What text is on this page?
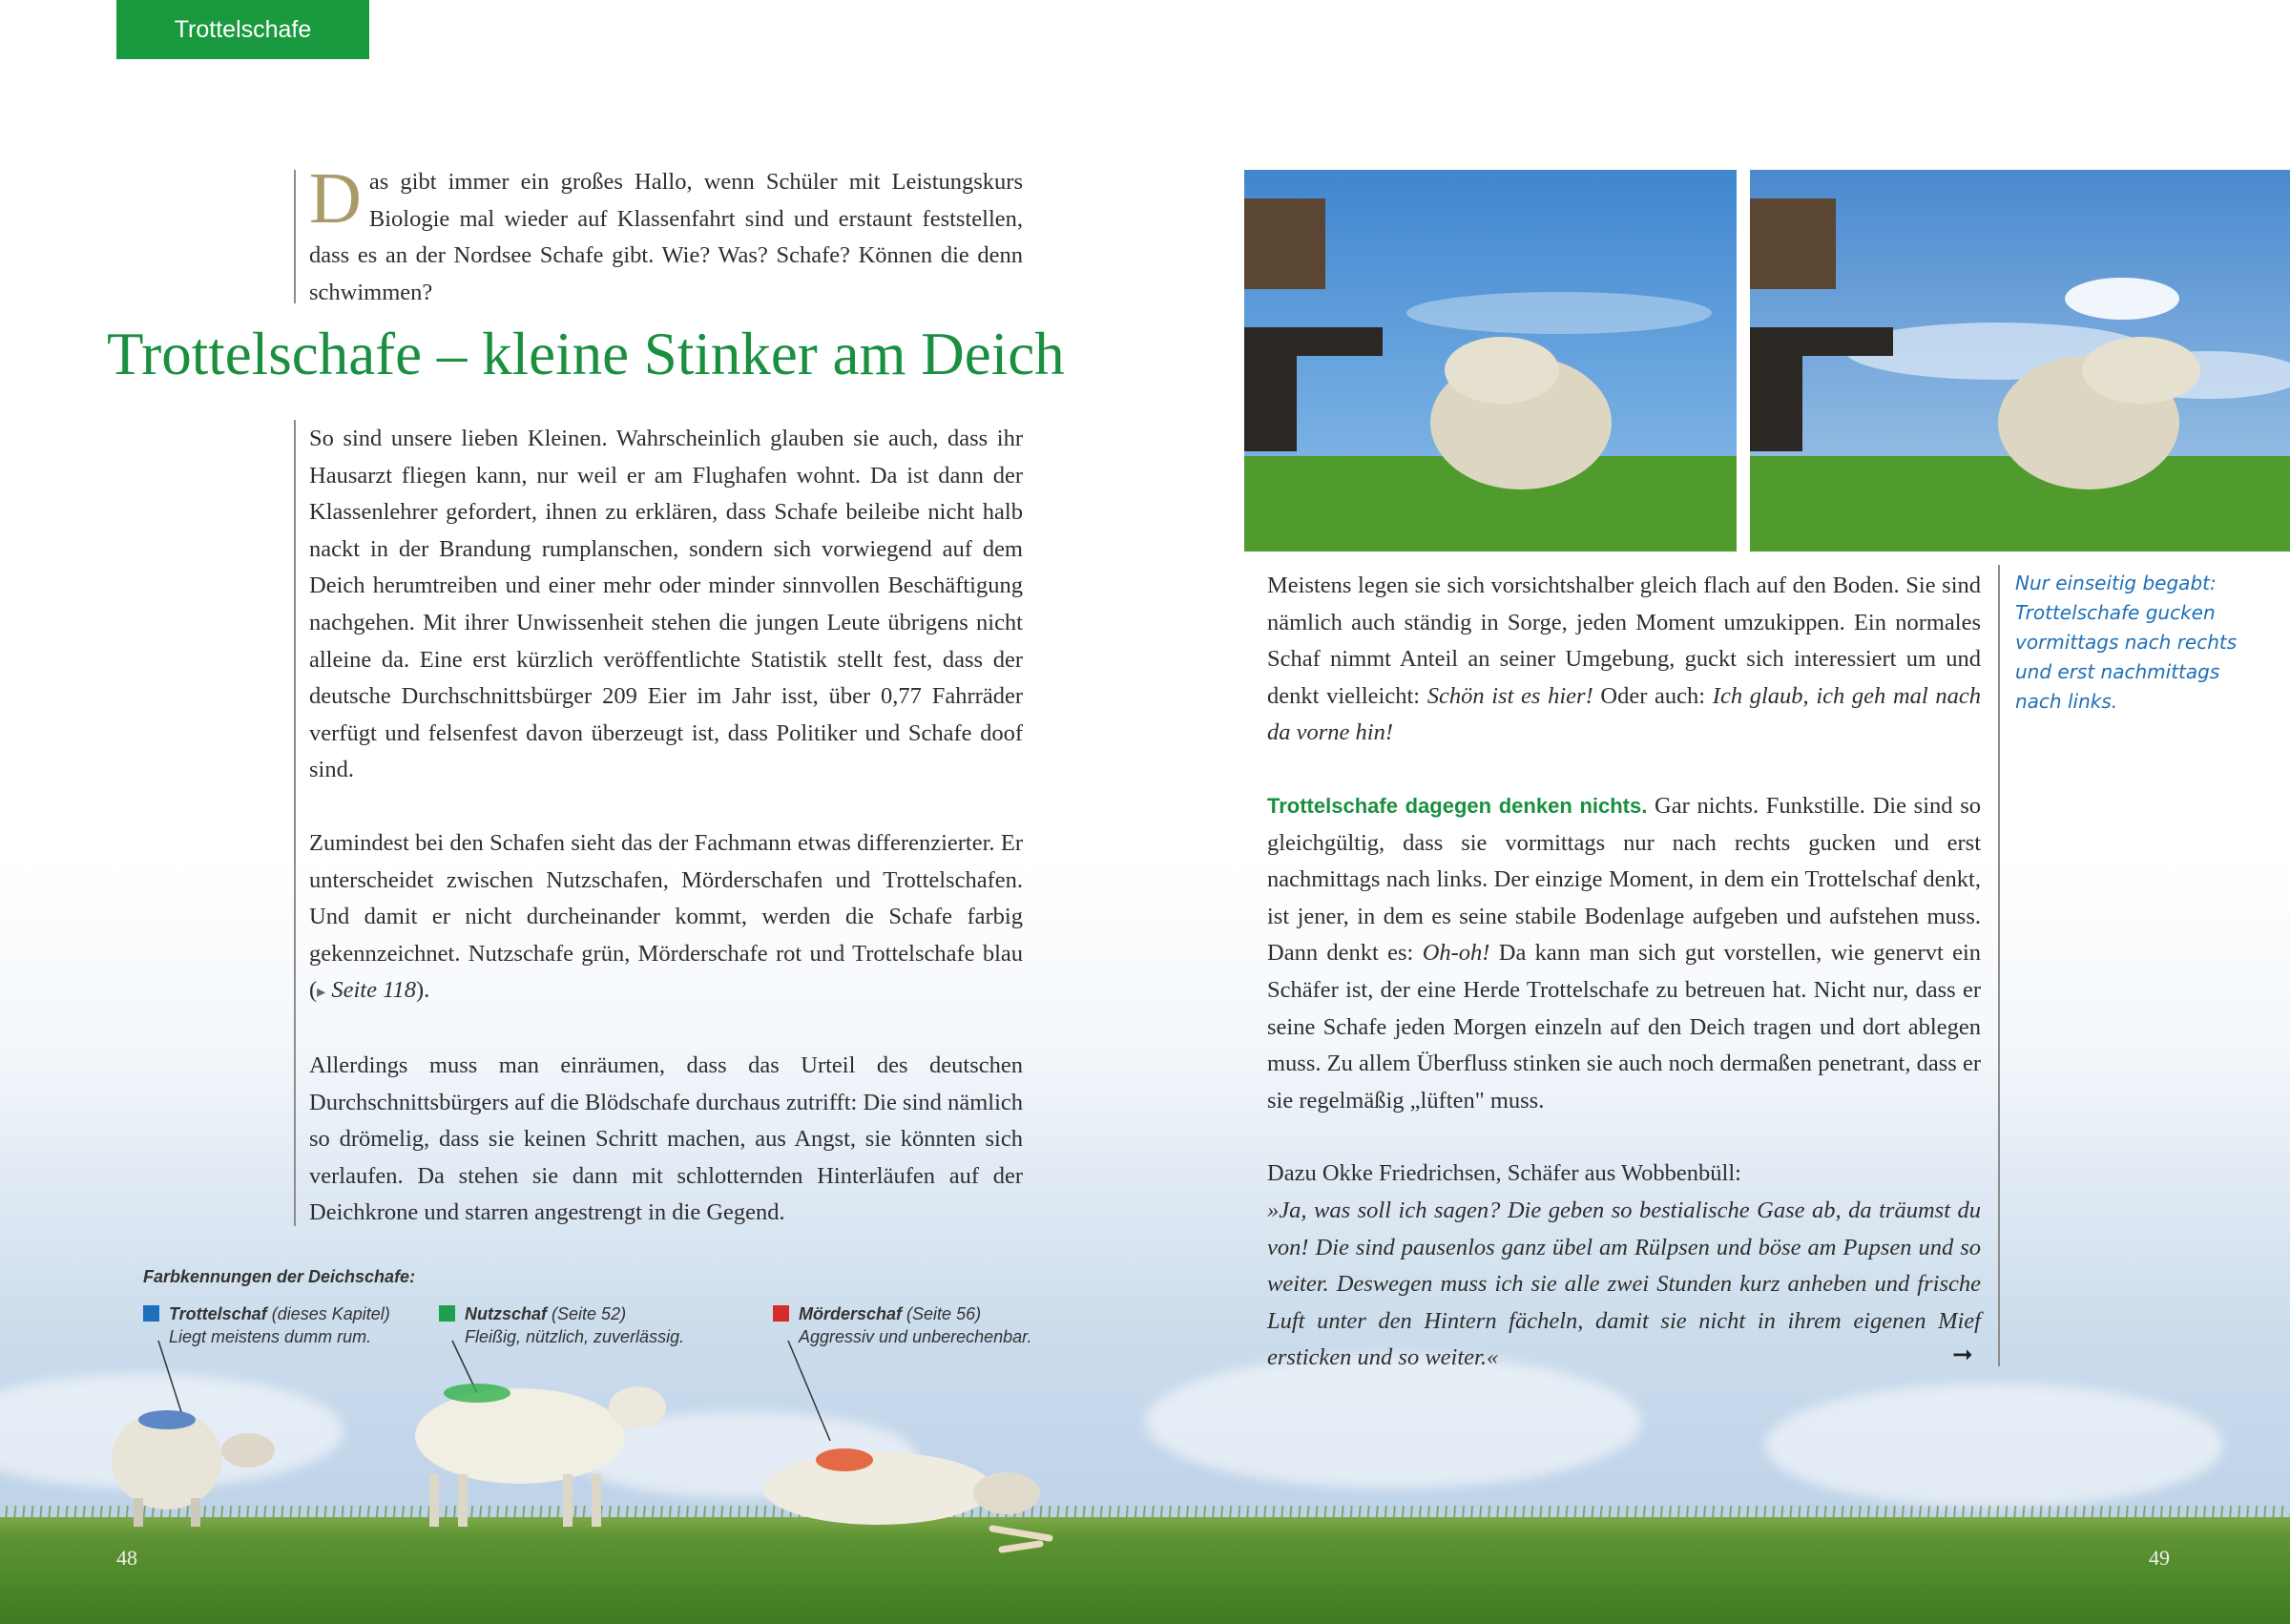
Trottelschafe
Das gibt immer ein großes Hallo, wenn Schüler mit Leistungskurs Biologie mal wieder auf Klassenfahrt sind und erstaunt feststellen, dass es an der Nordsee Schafe gibt. Wie? Was? Schafe? Können die denn schwimmen?
Trottelschafe – kleine Stinker am Deich

So sind unsere lieben Kleinen. Wahrscheinlich glauben sie auch, dass ihr Hausarzt fliegen kann, nur weil er am Flughafen wohnt. Da ist dann der Klassenlehrer gefordert, ihnen zu erklären, dass Schafe beileibe nicht halb nackt in der Brandung rumplanschen, sondern sich vorwiegend auf dem Deich herumtreiben und einer mehr oder minder sinnvollen Beschäftigung nachgehen. Mit ihrer Unwissenheit stehen die jungen Leute übrigens nicht alleine da. Eine erst kürzlich veröffentlichte Statistik stellt fest, dass der deutsche Durchschnittsbürger 209 Eier im Jahr isst, über 0,77 Fahrräder verfügt und felsenfest davon überzeugt ist, dass Politiker und Schafe doof sind.

Zumindest bei den Schafen sieht das der Fachmann etwas differenzierter. Er unterscheidet zwischen Nutzschafen, Mörderschafen und Trottelschafen. Und damit er nicht durcheinander kommt, werden die Schafe farbig gekennzeichnet. Nutzschafe grün, Mörderschafe rot und Trottelschafe blau (▸ Seite 118).

Allerdings muss man einräumen, dass das Urteil des deutschen Durchschnittsbürgers auf die Blödschafe durchaus zutrifft: Die sind nämlich so drömelig, dass sie keinen Schritt machen, aus Angst, sie könnten sich verlaufen. Da stehen sie dann mit schlotternden Hinterläufen auf der Deichkrone und starren angestrengt in die Gegend.

Farbkennungen der Deichschafe:
Trottelschaf (dieses Kapitel)
Liegt meistens dumm rum.
Nutzschaf (Seite 52)
Fleißig, nützlich, zuverlässig.
Mörderschaf (Seite 56)
Aggressiv und unberechenbar.
48	49

Meistens legen sie sich vorsichtshalber gleich flach auf den Boden. Sie sind nämlich auch ständig in Sorge, jeden Moment umzukippen. Ein normales Schaf nimmt Anteil an seiner Umgebung, guckt sich interessiert um und denkt vielleicht: Schön ist es hier! Oder auch: Ich glaub, ich geh mal nach da vorne hin!

Trottelschafe dagegen denken nichts. Gar nichts. Funkstille. Die sind so gleichgültig, dass sie vormittags nur nach rechts gucken und erst nachmittags nach links. Der einzige Moment, in dem ein Trottelschaf denkt, ist jener, in dem es seine stabile Bodenlage aufgeben und aufstehen muss. Dann denkt es: Oh-oh! Da kann man sich gut vorstellen, wie genervt ein Schäfer ist, der eine Herde Trottelschafe zu betreuen hat. Nicht nur, dass er seine Schafe jeden Morgen einzeln auf den Deich tragen und dort ablegen muss. Zu allem Überfluss stinken sie auch noch dermaßen penetrant, dass er sie regelmäßig „lüften" muss.

Dazu Okke Friedrichsen, Schäfer aus Wobbenbüll:
»Ja, was soll ich sagen? Die geben so bestialische Gase ab, da träumst du von! Die sind pausenlos ganz übel am Rülpsen und böse am Pupsen und so weiter. Deswegen muss ich sie alle zwei Stunden kurz anheben und frische Luft unter den Hintern fächeln, damit sie nicht in ihrem eigenen Mief ersticken und so weiter.«	➞
Nur einseitig begabt: Trottelschafe gucken vormittags nach rechts und erst nachmittags nach links.
